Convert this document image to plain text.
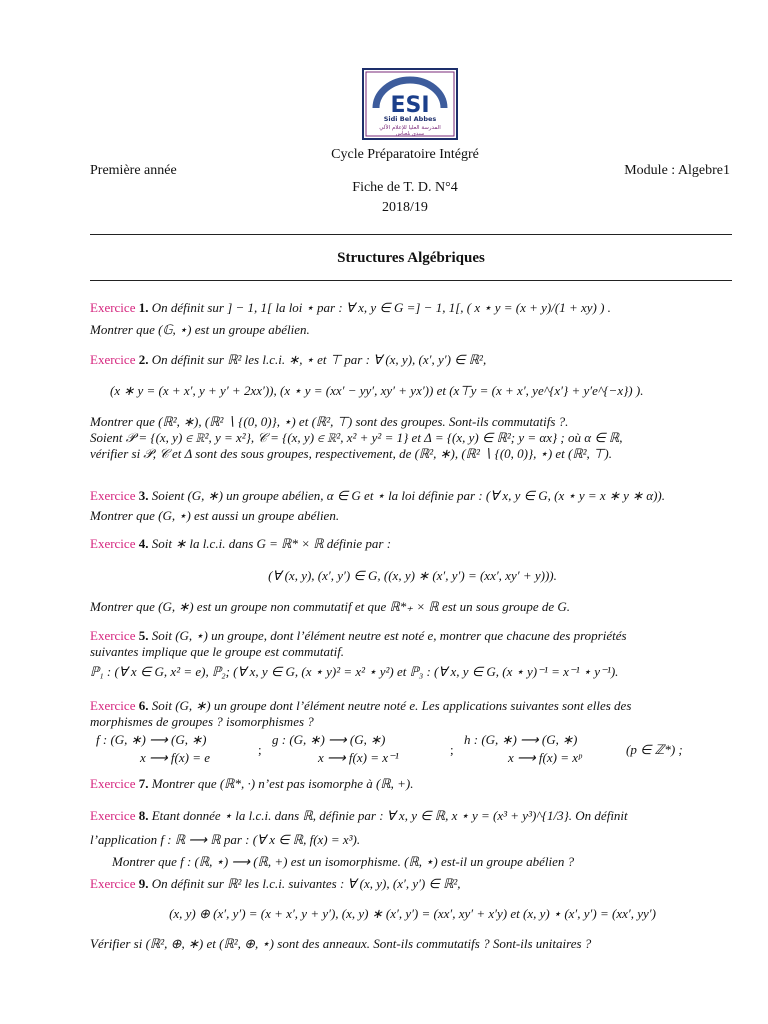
ESI
Sidi Bel Abbes
المدرسة العليا للإعلام الآلي
سيدي بلعباس
Première année
Cycle Préparatoire Intégré
Fiche de T. D. N°4
2018/19
Module : Algebre1
Structures Algébriques
Exercice 1. On définit sur ] − 1, 1[ la loi ⋆ par : ∀ x, y ∈ G =] − 1, 1[, ( x ⋆ y = (x + y)/(1 + xy) ) .
Montrer que (𝔾, ⋆) est un groupe abélien.
Exercice 2. On définit sur ℝ² les l.c.i. ∗, ⋆ et ⊤ par : ∀ (x, y), (x′, y′) ∈ ℝ²,
(x ∗ y = (x + x′, y + y′ + 2xx′)), (x ⋆ y = (xx′ − yy′, xy′ + yx′)) et (x⊤y = (x + x′, ye^{x′} + y′e^{−x}) ).
Montrer que (ℝ², ∗), (ℝ² ∖ {(0, 0)}, ⋆) et (ℝ², ⊤) sont des groupes. Sont-ils commutatifs ?.
Soient 𝒫 = {(x, y) ∈ ℝ², y = x²}, 𝒞 = {(x, y) ∈ ℝ², x² + y² = 1} et Δ = {(x, y) ∈ ℝ²; y = αx} ; où α ∈ ℝ,
vérifier si 𝒫, 𝒞 et Δ sont des sous groupes, respectivement, de (ℝ², ∗), (ℝ² ∖ {(0, 0)}, ⋆) et (ℝ², ⊤).
Exercice 3. Soient (G, ∗) un groupe abélien, α ∈ G et ⋆ la loi définie par : (∀ x, y ∈ G, (x ⋆ y = x ∗ y ∗ α)).
Montrer que (G, ⋆) est aussi un groupe abélien.
Exercice 4. Soit ∗ la l.c.i. dans G = ℝ* × ℝ définie par :
(∀ (x, y), (x′, y′) ∈ G, ((x, y) ∗ (x′, y′) = (xx′, xy′ + y))).
Montrer que (G, ∗) est un groupe non commutatif et que ℝ*₊ × ℝ est un sous groupe de G.
Exercice 5. Soit (G, ⋆) un groupe, dont l’élément neutre est noté e, montrer que chacune des propriétés
suivantes implique que le groupe est commutatif.
ℙ₁ : (∀ x ∈ G, x² = e), ℙ₂; (∀ x, y ∈ G, (x ⋆ y)² = x² ⋆ y²) et ℙ₃ : (∀ x, y ∈ G, (x ⋆ y)⁻¹ = x⁻¹ ⋆ y⁻¹).
Exercice 6. Soit (G, ∗) un groupe dont l’élément neutre noté e. Les applications suivantes sont elles des
morphismes de groupes ? isomorphismes ?
f : (G, ∗) ⟶ (G, ∗)
x ⟶ f(x) = e
;
g : (G, ∗) ⟶ (G, ∗)
x ⟶ f(x) = x⁻¹
;
h : (G, ∗) ⟶ (G, ∗)
x ⟶ f(x) = xᵖ
(p ∈ ℤ*) ;
Exercice 7. Montrer que (ℝ*, ·) n’est pas isomorphe à (ℝ, +).
Exercice 8. Etant donnée ⋆ la l.c.i. dans ℝ, définie par : ∀ x, y ∈ ℝ, x ⋆ y = (x³ + y³)^{1/3}. On définit
l’application f : ℝ ⟶ ℝ par : (∀ x ∈ ℝ, f(x) = x³).
Montrer que f : (ℝ, ⋆) ⟶ (ℝ, +) est un isomorphisme. (ℝ, ⋆) est-il un groupe abélien ?
Exercice 9. On définit sur ℝ² les l.c.i. suivantes : ∀ (x, y), (x′, y′) ∈ ℝ²,
(x, y) ⊕ (x′, y′) = (x + x′, y + y′), (x, y) ∗ (x′, y′) = (xx′, xy′ + x′y) et (x, y) ⋆ (x′, y′) = (xx′, yy′)
Vérifier si (ℝ², ⊕, ∗) et (ℝ², ⊕, ⋆) sont des anneaux. Sont-ils commutatifs ? Sont-ils unitaires ?
